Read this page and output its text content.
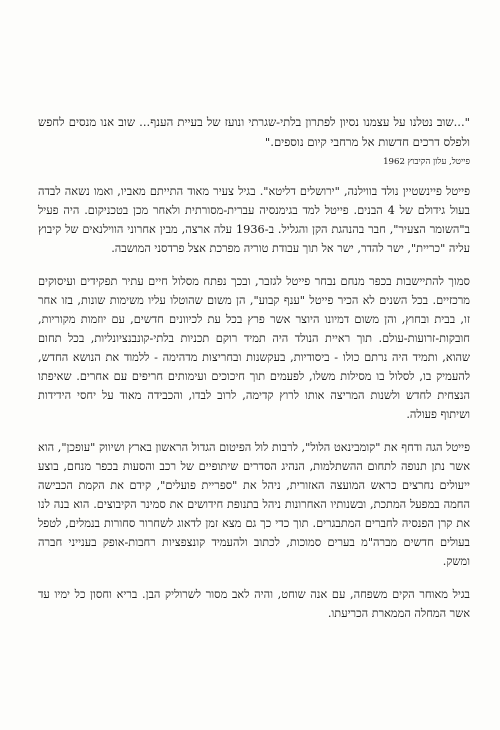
"...שוב נטלנו על עצמנו נסיון לפתרון בלתי-שגרתי ונועז של בעיית הענף... שוב אנו מנסים לחפש ולפלס דרכים חדשות אל מרחבי קיום נוספים."

פייטל, עלון הקיבוץ 1962

פייטל פיינשטיין נולד בווילנה, "ירושלים דליטא". בגיל צעיר מאוד התייתם מאביו, ואמו נשאה לבדה בעול גידולם של 4 הבנים. פייטל למד בגימנסיה עברית-מסורתית ולאחר מכן בטכניקום. היה פעיל ב"השומר הצעיר", חבר בהנהגת הקן והגליל. ב-1936 עלה ארצה, מבין אחרוני הווילנאים של קיבוץ עליה "כריית", ישר להדר, ישר אל תוך עבודת טוריה מפרכת אצל פרדסני המושבה.

סמוך להתיישבות בכפר מנחם נבחר פייטל לגזבר, ובכך נפתח מסלול חיים עתיר תפקידים ועיסוקים מרכזיים. בכל השנים לא הכיר פייטל "ענף קבוע", הן משום שהוטלו עליו משימות שונות, בזו אחר זו, בבית ובחוץ, והן משום דמיונו היוצר אשר פרץ בכל עת לכיוונים חדשים, עם יוזמות מקוריות, חובקות-זרועות-עולם. תוך ראיית הנולד היה תמיד רוקם תכניות בלתי-קונבנציונליות, בכל תחום שהוא, ותמיד היה נרתם כולו - ביסודיות, בעקשנות ובחריצות מדהימה - ללמוד את הנושא החדש, להעמיק בו, לסלול בו מסילות משלו, לפעמים תוך חיכוכים ועימותים חריפים עם אחרים. שאיפתו הנצחית לחדש ולשנות המריצה אותו לרוץ קדימה, לרוב לבדו, והכבידה מאוד על יחסי הידידות ושיתוף פעולה.

פייטל הגה ודחף את "קומבינאט הלול", לרבות לול הפיטום הגדול הראשון בארץ ושיווק "עופכן", הוא אשר נתן תנופה לתחום ההשתלמות, הנהיג הסדרים שיתופיים של רכב והסעות בכפר מנחם, בוצע ייעולים נחרצים כראש המועצה האזורית, ניהל את "ספריית פועלים", קידם את הקמת הכבישה החמה במפעל המתכת, ובשנותיו האחרונות ניהל בתנופת חידושים את סמינר הקיבוצים. הוא בנה לנו את קרן הפנסיה לחברים המתבגרים. תוך כדי כך גם מצא זמן לדאוג לשחרור סחורות בנמלים, לטפל בעולים חדשים מברה"מ בערים סמוכות, לכתוב ולהעמיד קונצפציות רחבות-אופק בענייני חברה ומשק.

בגיל מאוחר הקים משפחה, עם אנה שוחט, והיה לאב מסור לשרוליק הבן. בריא וחסון כל ימיו עד אשר המחלה הממארת הכריעתו.
